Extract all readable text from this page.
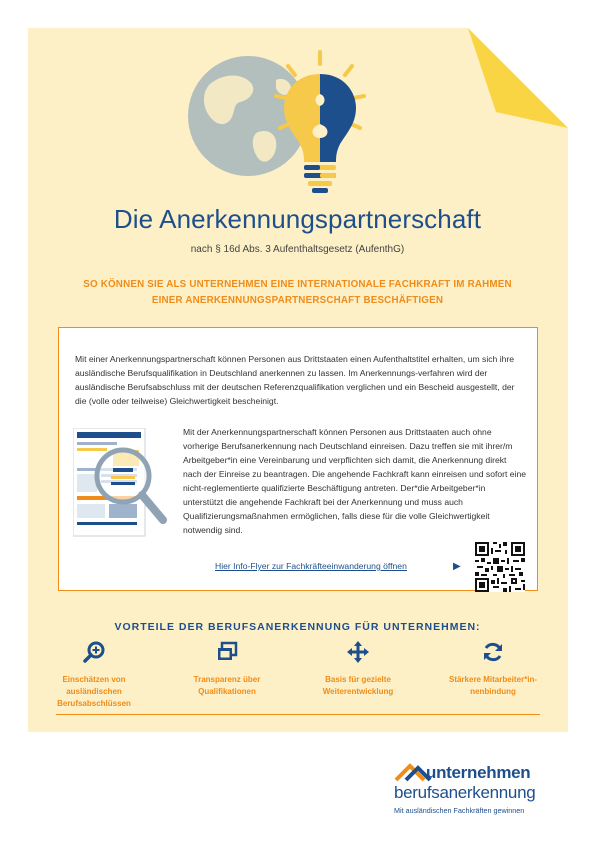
Die Anerkennungspartnerschaft
nach § 16d Abs. 3 Aufenthaltsgesetz (AufenthG)
SO KÖNNEN SIE ALS UNTERNEHMEN EINE INTERNATIONALE FACHKRAFT IM RAHMEN EINER ANERKENNUNGSPARTNERSCHAFT BESCHÄFTIGEN
Mit einer Anerkennungspartnerschaft können Personen aus Drittstaaten einen Aufenthaltstitel erhalten, um sich ihre ausländische Berufsqualifikation in Deutschland anerkennen zu lassen. Im Anerkennungs-verfahren wird der ausländische Berufsabschluss mit der deutschen Referenzqualifikation verglichen und ein Bescheid ausgestellt, der die (volle oder teilweise) Gleichwertigkeit bescheinigt.
Mit der Anerkennungspartnerschaft können Personen aus Drittstaaten auch ohne vorherige Berufsanerkennung nach Deutschland einreisen. Dazu treffen sie mit ihrer/m Arbeitgeber*in eine Vereinbarung und verpflichten sich damit, die Anerkennung direkt nach der Einreise zu beantragen. Die angehende Fachkraft kann einreisen und sofort eine nicht-reglementierte qualifizierte Beschäftigung antreten. Der*die Arbeitgeber*in unterstützt die angehende Fachkraft bei der Anerkennung und muss auch Qualifizierungsmaßnahmen ermöglichen, falls diese für die volle Gleichwertigkeit notwendig sind.
Hier Info-Flyer zur Fachkräfteeinwanderung öffnen	▶
VORTEILE DER BERUFSANERKENNUNG FÜR UNTERNEHMEN:
Einschätzen von ausländischen Berufsabschlüssen
Transparenz über Qualifikationen
Basis für gezielte Weiterentwicklung
Stärkere Mitarbeiter*in-nenbindung
unternehmen
berufsanerkennung
Mit ausländischen Fachkräften gewinnen
